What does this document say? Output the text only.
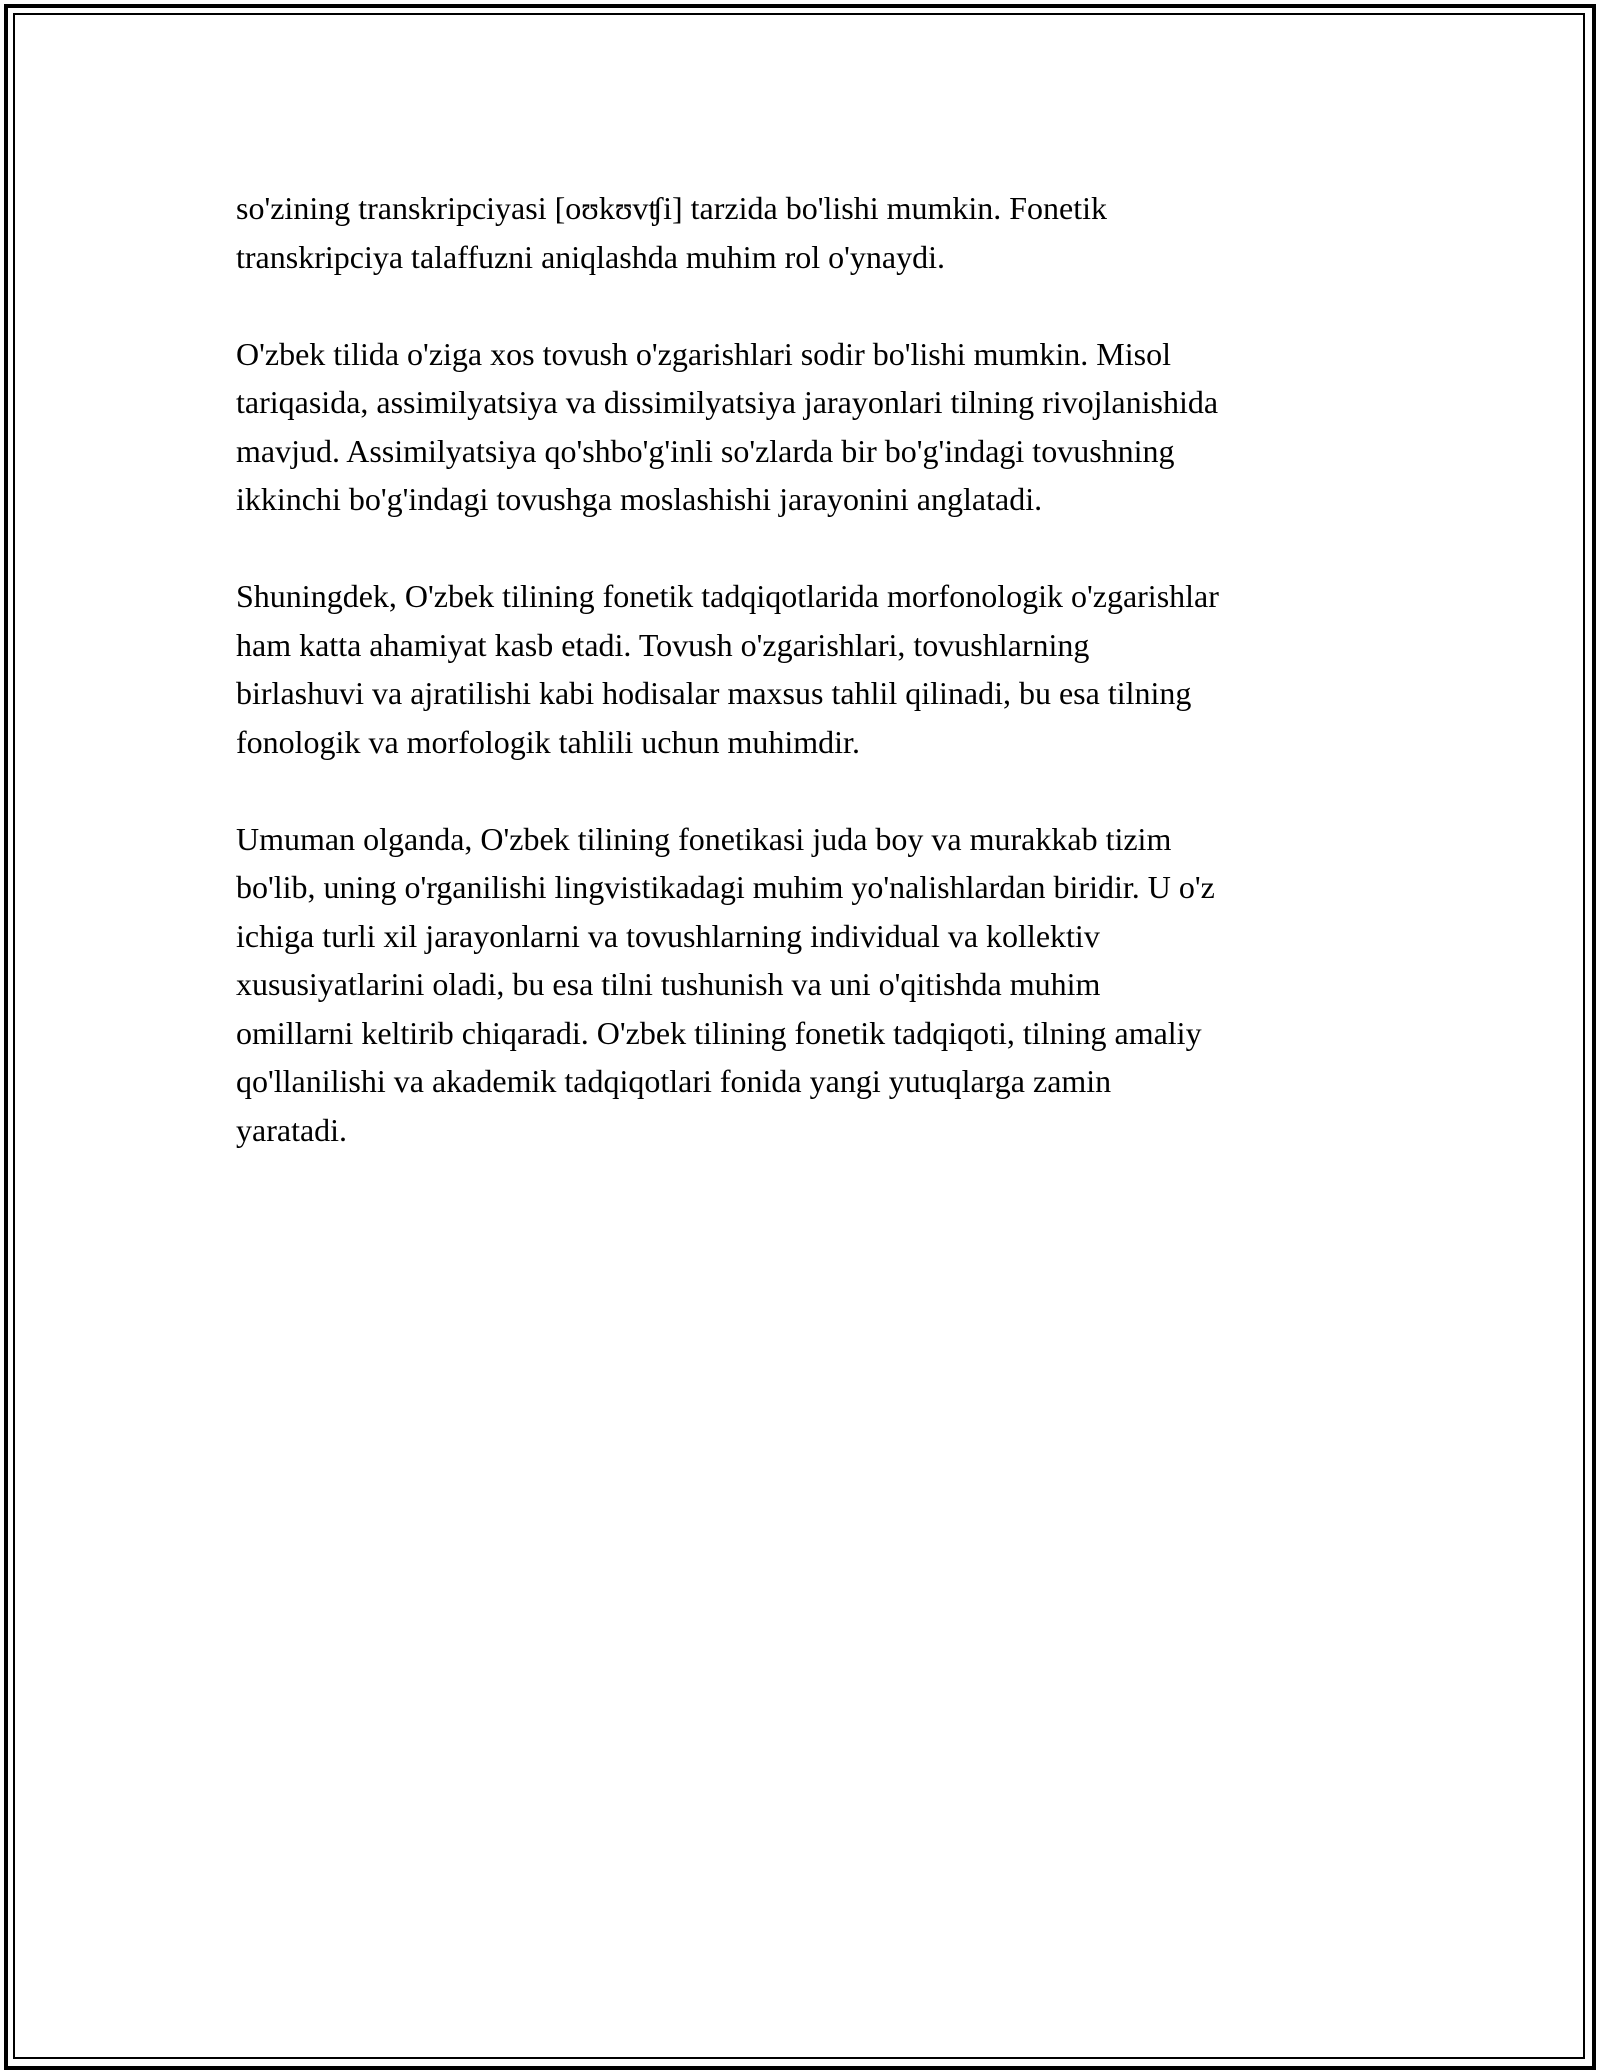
so'zining transkripciyasi [oʊkʊvʧi] tarzida bo'lishi mumkin. Fonetik
transkripciya talaffuzni aniqlashda muhim rol o'ynaydi.

O'zbek tilida o'ziga xos tovush o'zgarishlari sodir bo'lishi mumkin. Misol
tariqasida, assimilyatsiya va dissimilyatsiya jarayonlari tilning rivojlanishida
mavjud. Assimilyatsiya qo'shbo'g'inli so'zlarda bir bo'g'indagi tovushning
ikkinchi bo'g'indagi tovushga moslashishi jarayonini anglatadi.

Shuningdek, O'zbek tilining fonetik tadqiqotlarida morfonologik o'zgarishlar
ham katta ahamiyat kasb etadi. Tovush o'zgarishlari, tovushlarning
birlashuvi va ajratilishi kabi hodisalar maxsus tahlil qilinadi, bu esa tilning
fonologik va morfologik tahlili uchun muhimdir.

Umuman olganda, O'zbek tilining fonetikasi juda boy va murakkab tizim
bo'lib, uning o'rganilishi lingvistikadagi muhim yo'nalishlardan biridir. U o'z
ichiga turli xil jarayonlarni va tovushlarning individual va kollektiv
xususiyatlarini oladi, bu esa tilni tushunish va uni o'qitishda muhim
omillarni keltirib chiqaradi. O'zbek tilining fonetik tadqiqoti, tilning amaliy
qo'llanilishi va akademik tadqiqotlari fonida yangi yutuqlarga zamin
yaratadi.
